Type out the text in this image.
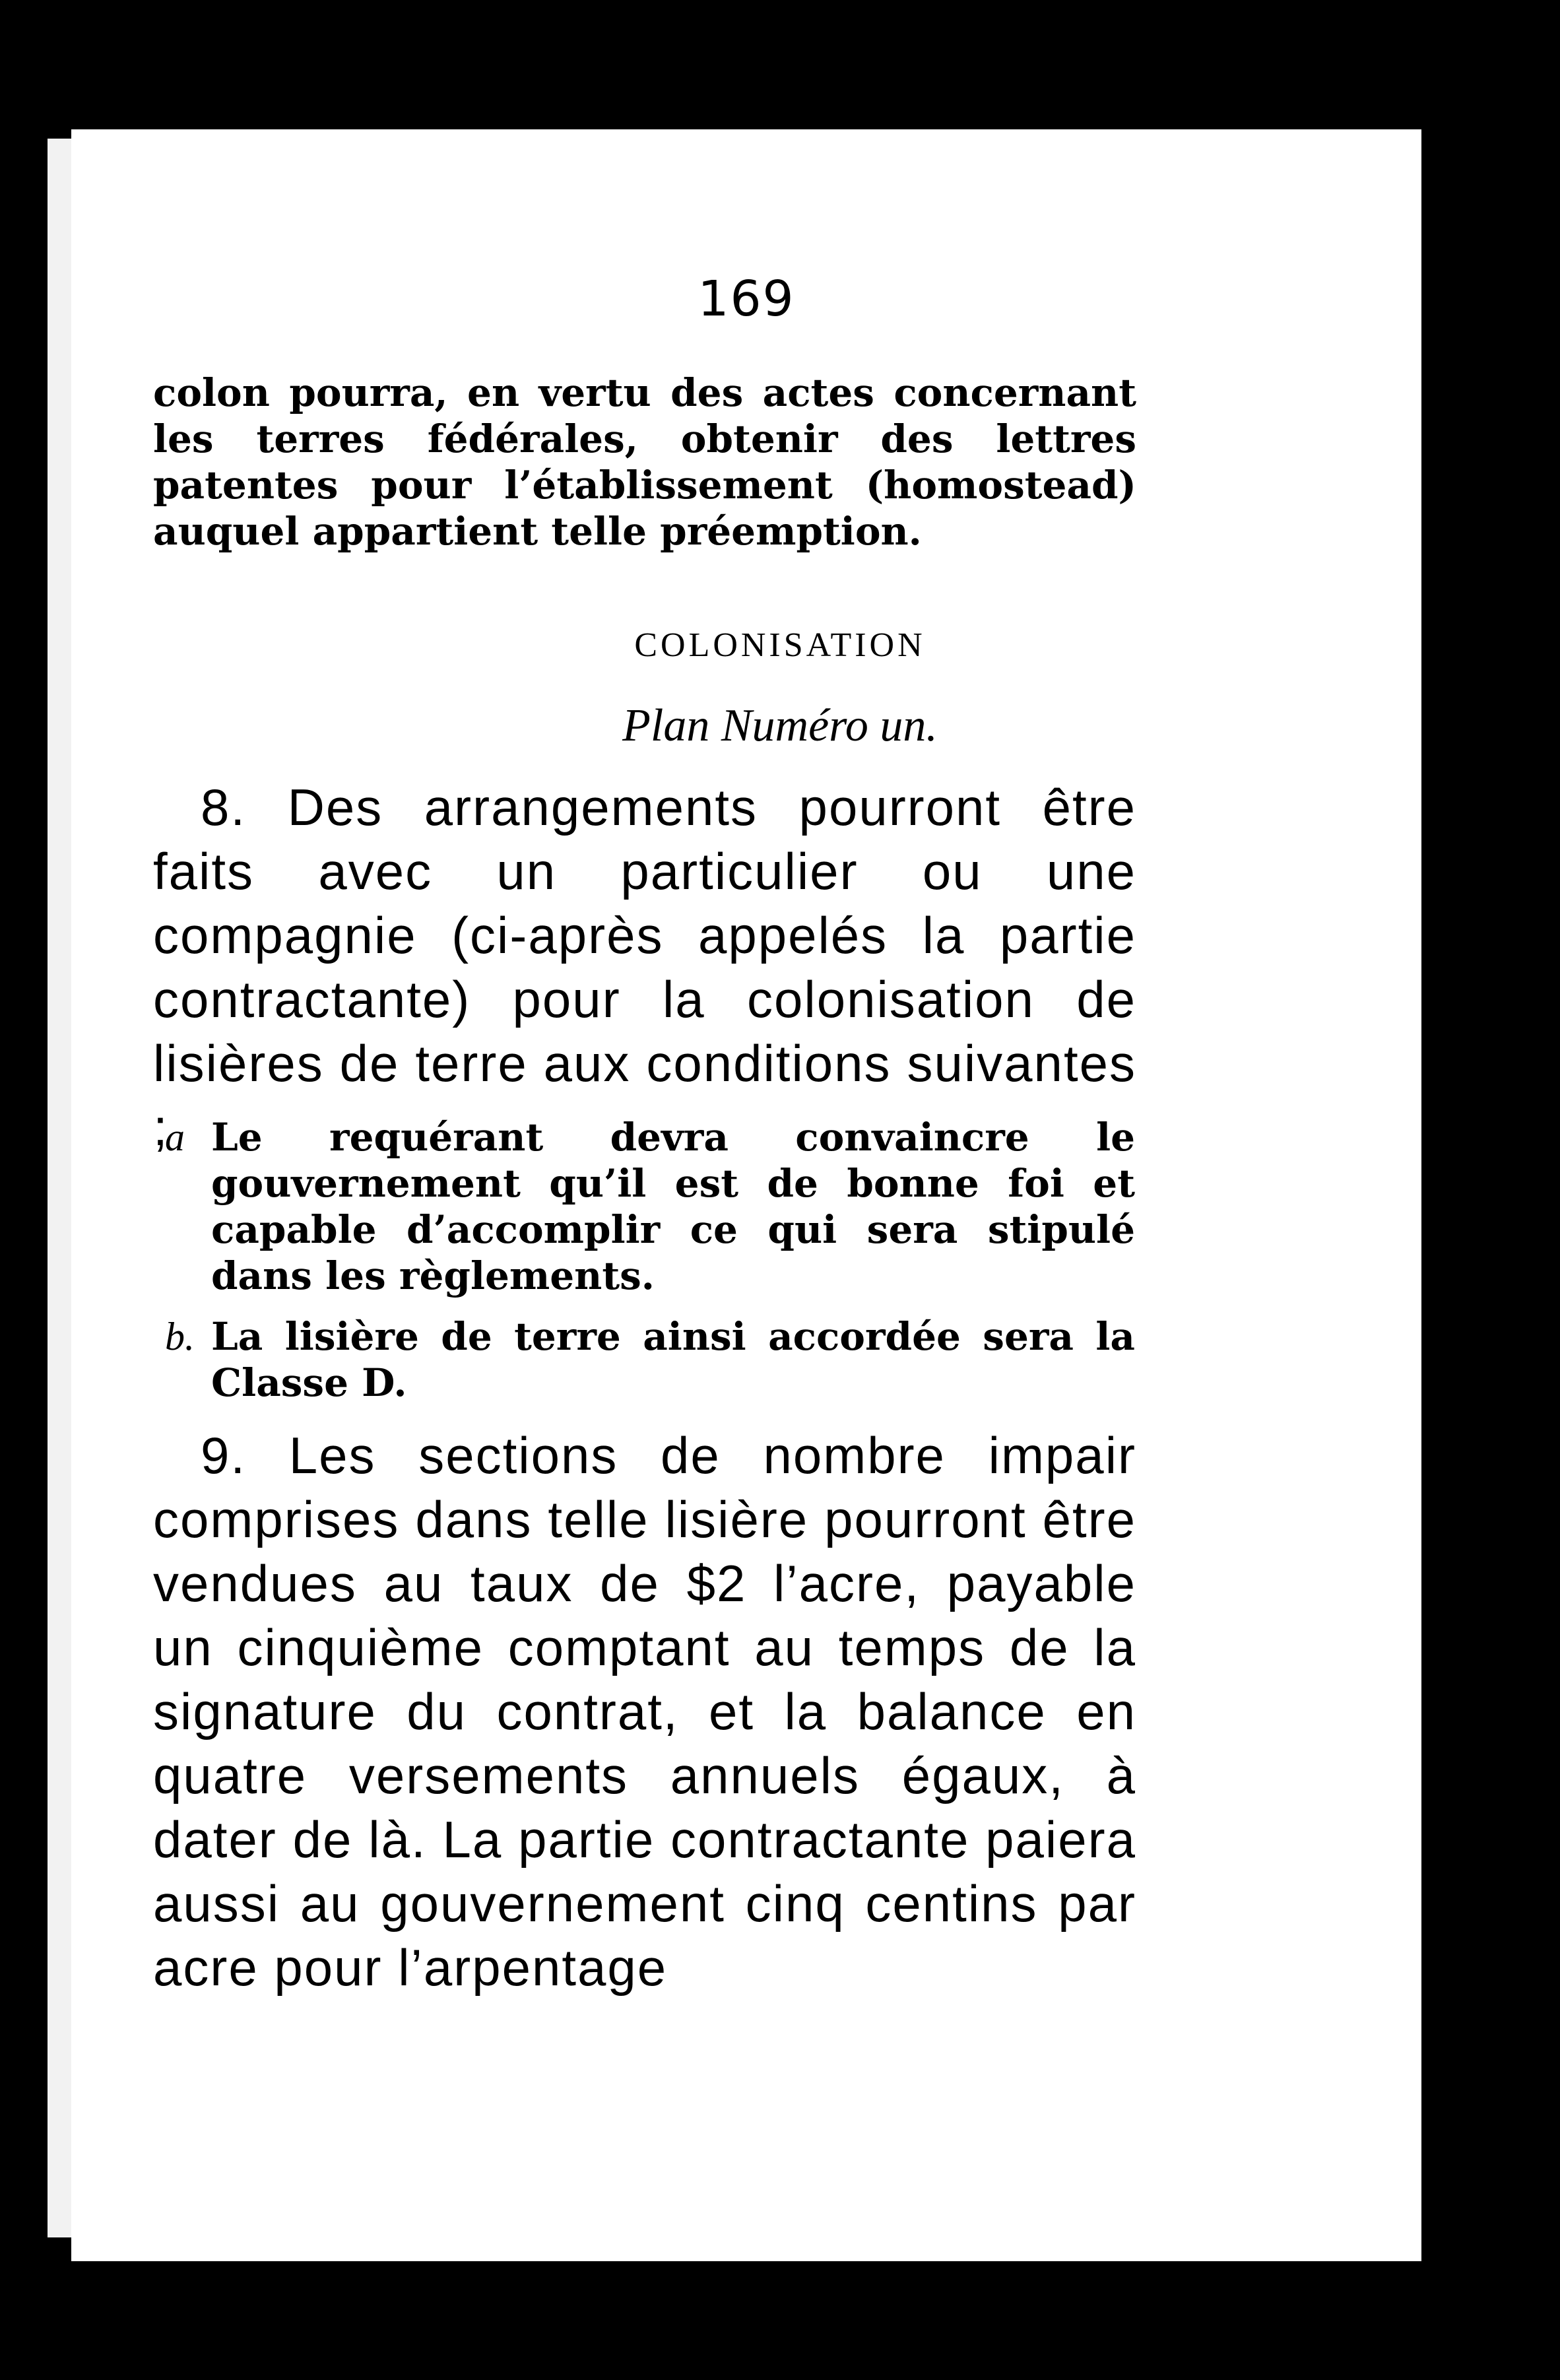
169
colon pourra, en vertu des actes concernant les terres fédérales, obtenir des lettres patentes pour l’établissement (homostead) auquel appartient telle préemption.
COLONISATION
Plan Numéro un.
8. Des arrangements pourront être faits avec un particulier ou une compagnie (ci-après appelés la partie contractante) pour la colonisation de lisières de terre aux conditions suivantes ;
a Le requérant devra convaincre le gouvernement qu’il est de bonne foi et capable d’accomplir ce qui sera stipulé dans les règlements.
b. La lisière de terre ainsi accordée sera la Classe D.
9. Les sections de nombre impair comprises dans telle lisière pourront être vendues au taux de $2 l’acre, payable un cinquième comptant au temps de la signature du contrat, et la balance en quatre versements annuels égaux, à dater de là. La partie contractante paiera aussi au gouvernement cinq centins par acre pour l’arpentage
